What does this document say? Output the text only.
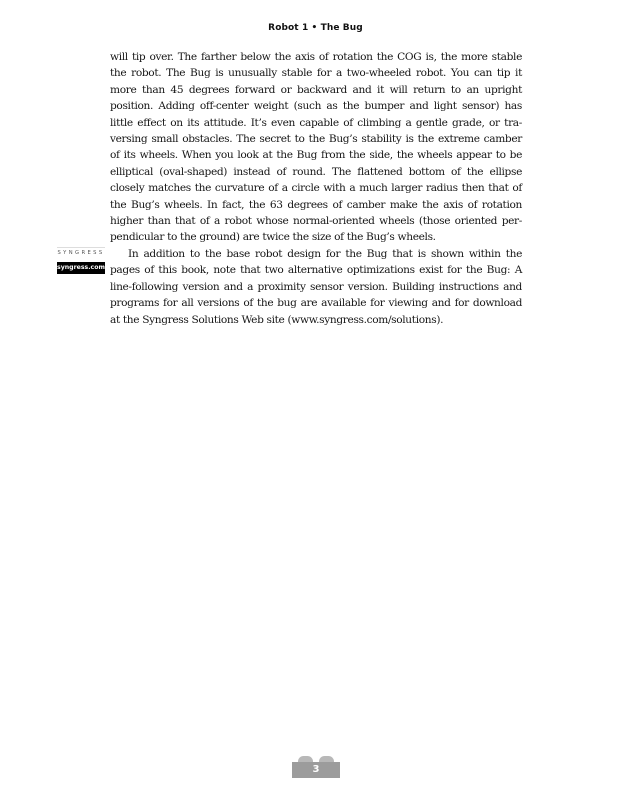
Robot 1 • The Bug

will tip over. The farther below the axis of rotation the COG is, the more stable the robot. The Bug is unusually stable for a two-wheeled robot. You can tip it more than 45 degrees forward or backward and it will return to an upright position. Adding off-center weight (such as the bumper and light sensor) has little effect on its attitude. It’s even capable of climbing a gentle grade, or tra-versing small obstacles. The secret to the Bug’s stability is the extreme camber of its wheels. When you look at the Bug from the side, the wheels appear to be elliptical (oval-shaped) instead of round. The flattened bottom of the ellipse closely matches the curvature of a circle with a much larger radius then that of the Bug’s wheels. In fact, the 63 degrees of camber make the axis of rotation higher than that of a robot whose normal-oriented wheels (those oriented per-pendicular to the ground) are twice the size of the Bug’s wheels.

In addition to the base robot design for the Bug that is shown within the pages of this book, note that two alternative optimizations exist for the Bug: A line-following version and a proximity sensor version. Building instructions and programs for all versions of the bug are available for viewing and for download at the Syngress Solutions Web site (www.syngress.com/solutions).

SYNGRESS
syngress.com
3
